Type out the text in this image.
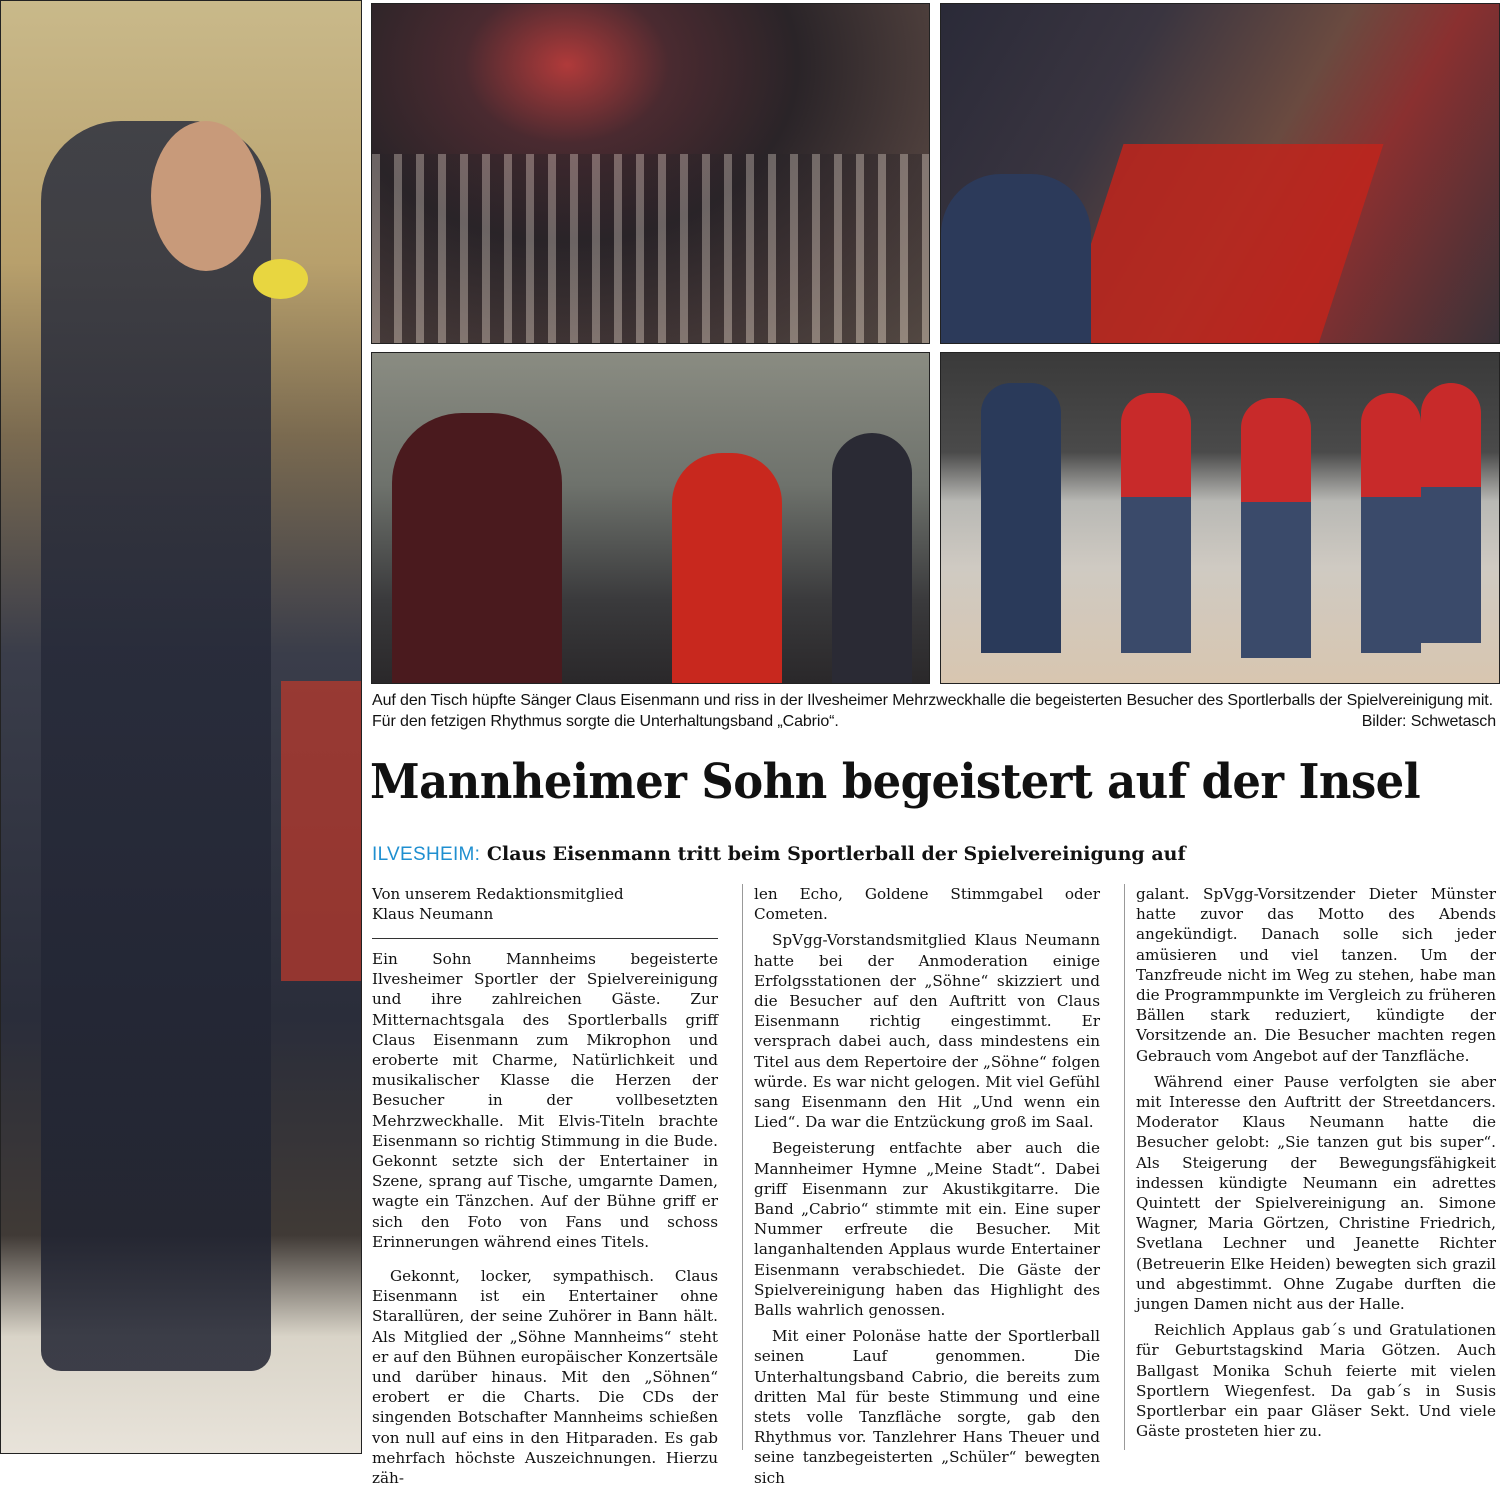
Auf den Tisch hüpfte Sänger Claus Eisenmann und riss in der Ilvesheimer Mehrzweckhalle die begeisterten Besucher des Sportlerballs der Spielvereinigung mit. Für den fetzigen Rhythmus sorgte die Unterhaltungsband „Cabrio“.	Bilder: Schwetasch
Mannheimer Sohn begeistert auf der Insel
ILVESHEIM: Claus Eisenmann tritt beim Sportlerball der Spielvereinigung auf
Von unserem Redaktionsmitglied
Klaus Neumann

Ein Sohn Mannheims begeisterte Ilvesheimer Sportler der Spielvereinigung und ihre zahlreichen Gäste. Zur Mitternachtsgala des Sportlerballs griff Claus Eisenmann zum Mikrophon und eroberte mit Charme, Natürlichkeit und musikalischer Klasse die Herzen der Besucher in der vollbesetzten Mehrzweckhalle. Mit Elvis-Titeln brachte Eisenmann so richtig Stimmung in die Bude. Gekonnt setzte sich der Entertainer in Szene, sprang auf Tische, umgarnte Damen, wagte ein Tänzchen. Auf der Bühne griff er sich den Foto von Fans und schoss Erinnerungen während eines Titels.

Gekonnt, locker, sympathisch. Claus Eisenmann ist ein Entertainer ohne Starallüren, der seine Zuhörer in Bann hält. Als Mitglied der „Söhne Mannheims“ steht er auf den Bühnen europäischer Konzertsäle und darüber hinaus. Mit den „Söhnen“ erobert er die Charts. Die CDs der singenden Botschafter Mannheims schießen von null auf eins in den Hitparaden. Es gab mehrfach höchste Auszeichnungen. Hierzu zäh-

len Echo, Goldene Stimmgabel oder Cometen.

SpVgg-Vorstandsmitglied Klaus Neumann hatte bei der Anmoderation einige Erfolgsstationen der „Söhne“ skizziert und die Besucher auf den Auftritt von Claus Eisenmann richtig eingestimmt. Er versprach dabei auch, dass mindestens ein Titel aus dem Repertoire der „Söhne“ folgen würde. Es war nicht gelogen. Mit viel Gefühl sang Eisenmann den Hit „Und wenn ein Lied“. Da war die Entzückung groß im Saal.

Begeisterung entfachte aber auch die Mannheimer Hymne „Meine Stadt“. Dabei griff Eisenmann zur Akustikgitarre. Die Band „Cabrio“ stimmte mit ein. Eine super Nummer erfreute die Besucher. Mit langanhaltenden Applaus wurde Entertainer Eisenmann verabschiedet. Die Gäste der Spielvereinigung haben das Highlight des Balls wahrlich genossen.

Mit einer Polonäse hatte der Sportlerball seinen Lauf genommen. Die Unterhaltungsband Cabrio, die bereits zum dritten Mal für beste Stimmung und eine stets volle Tanzfläche sorgte, gab den Rhythmus vor. Tanzlehrer Hans Theuer und seine tanzbegeisterten „Schüler“ bewegten sich

galant. SpVgg-Vorsitzender Dieter Münster hatte zuvor das Motto des Abends angekündigt. Danach solle sich jeder amüsieren und viel tanzen. Um der Tanzfreude nicht im Weg zu stehen, habe man die Programmpunkte im Vergleich zu früheren Bällen stark reduziert, kündigte der Vorsitzende an. Die Besucher machten regen Gebrauch vom Angebot auf der Tanzfläche.

Während einer Pause verfolgten sie aber mit Interesse den Auftritt der Streetdancers. Moderator Klaus Neumann hatte die Besucher gelobt: „Sie tanzen gut bis super“. Als Steigerung der Bewegungsfähigkeit indessen kündigte Neumann ein adrettes Quintett der Spielvereinigung an. Simone Wagner, Maria Görtzen, Christine Friedrich, Svetlana Lechner und Jeanette Richter (Betreuerin Elke Heiden) bewegten sich grazil und abgestimmt. Ohne Zugabe durften die jungen Damen nicht aus der Halle.

Reichlich Applaus gab´s und Gratulationen für Geburtstagskind Maria Götzen. Auch Ballgast Monika Schuh feierte mit vielen Sportlern Wiegenfest. Da gab´s in Susis Sportlerbar ein paar Gläser Sekt. Und viele Gäste prosteten hier zu.
